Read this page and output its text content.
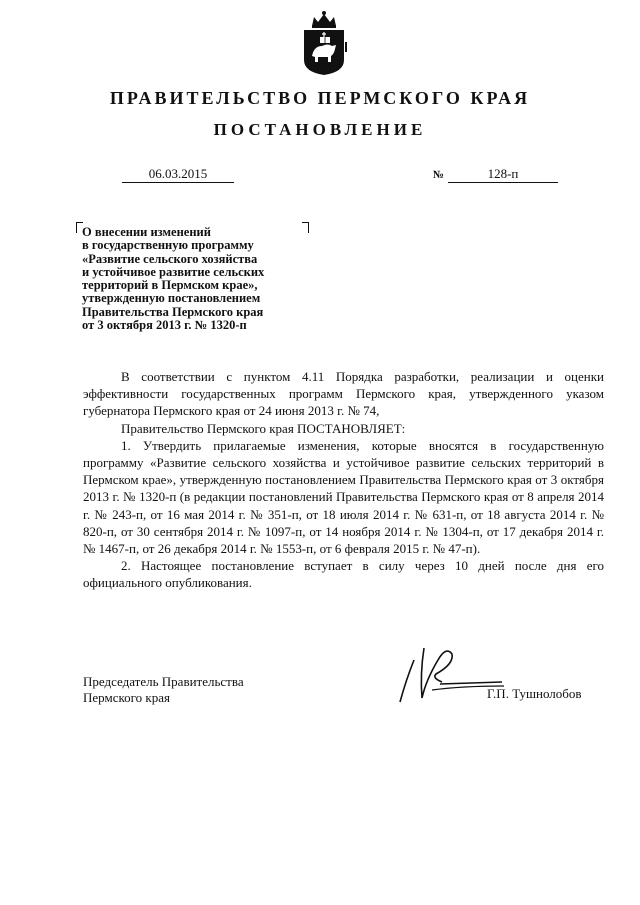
ПРАВИТЕЛЬСТВО ПЕРМСКОГО КРАЯ
ПОСТАНОВЛЕНИЕ
06.03.2015	№	128-п
О внесении изменений
в государственную программу
«Развитие сельского хозяйства
и устойчивое развитие сельских
территорий в Пермском крае»,
утвержденную постановлением
Правительства Пермского края
от 3 октября 2013 г. № 1320-п

В соответствии с пунктом 4.11 Порядка разработки, реализации и оценки эффективности государственных программ Пермского края, утвержденного указом губернатора Пермского края от 24 июня 2013 г. № 74,

Правительство Пермского края ПОСТАНОВЛЯЕТ:

1. Утвердить прилагаемые изменения, которые вносятся в государственную программу «Развитие сельского хозяйства и устойчивое развитие сельских территорий в Пермском крае», утвержденную постановлением Правительства Пермского края от 3 октября 2013 г. № 1320-п (в редакции постановлений Правительства Пермского края от 8 апреля 2014 г. № 243-п, от 16 мая 2014 г. № 351-п, от 18 июля 2014 г. № 631-п, от 18 августа 2014 г. № 820-п, от 30 сентября 2014 г. № 1097-п, от 14 ноября 2014 г. № 1304-п, от 17 декабря 2014 г. № 1467-п, от 26 декабря 2014 г. № 1553-п, от 6 февраля 2015 г. № 47-п).

2. Настоящее постановление вступает в силу через 10 дней после дня его официального опубликования.

Председатель Правительства
Пермского края	Г.П. Тушнолобов
